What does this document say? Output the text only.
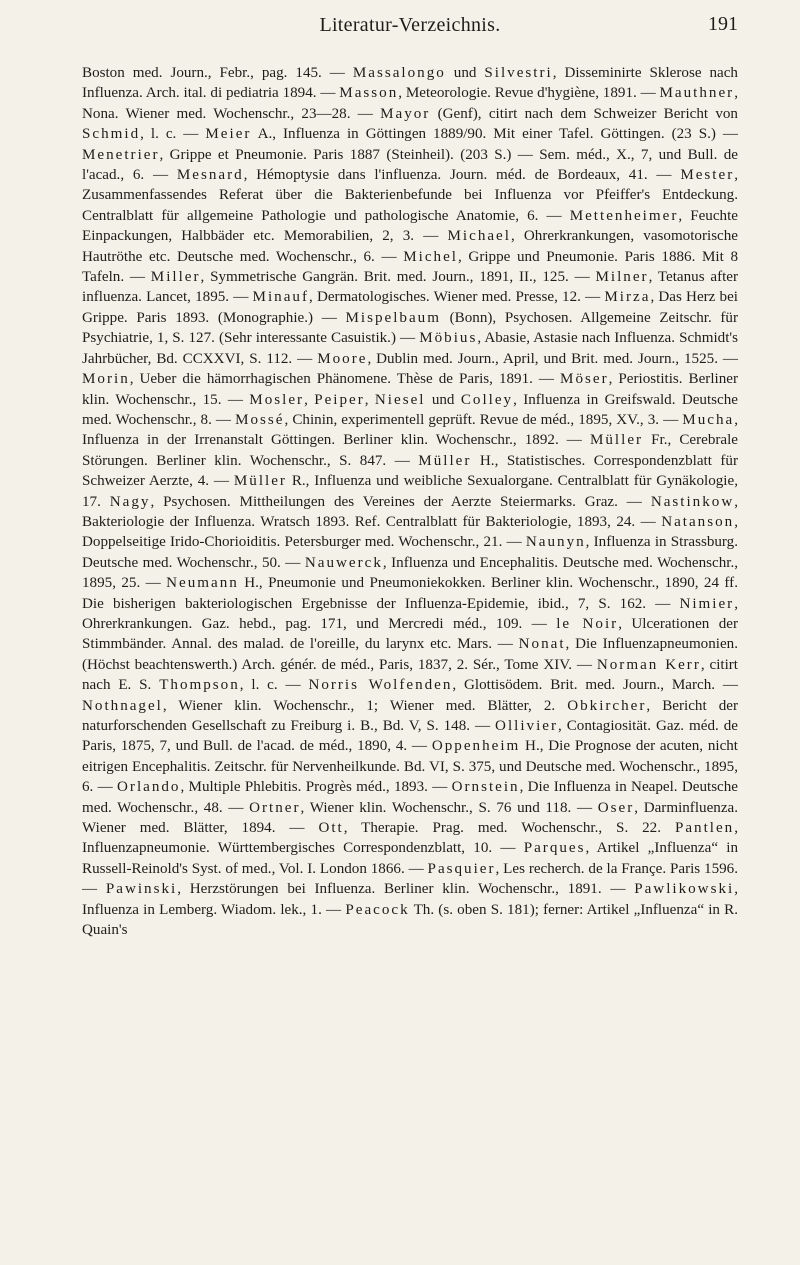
Literatur-Verzeichnis.	191

Boston med. Journ., Febr., pag. 145. — Massalongo und Silvestri, Disseminirte Sklerose nach Influenza. Arch. ital. di pediatria 1894. — Masson, Meteorologie. Revue d'hygiène, 1891. — Mauthner, Nona. Wiener med. Wochenschr., 23—28. — Mayor (Genf), citirt nach dem Schweizer Bericht von Schmid, l. c. — Meier A., Influenza in Göttingen 1889/90. Mit einer Tafel. Göttingen. (23 S.) — Menetrier, Grippe et Pneumonie. Paris 1887 (Steinheil). (203 S.) — Sem. méd., X., 7, und Bull. de l'acad., 6. — Mesnard, Hémoptysie dans l'influenza. Journ. méd. de Bordeaux, 41. — Mester, Zusammenfassendes Referat über die Bakterienbefunde bei Influenza vor Pfeiffer's Entdeckung. Centralblatt für allgemeine Pathologie und pathologische Anatomie, 6. — Mettenheimer, Feuchte Einpackungen, Halbbäder etc. Memorabilien, 2, 3. — Michael, Ohrerkrankungen, vasomotorische Hautröthe etc. Deutsche med. Wochenschr., 6. — Michel, Grippe und Pneumonie. Paris 1886. Mit 8 Tafeln. — Miller, Symmetrische Gangrän. Brit. med. Journ., 1891, II., 125. — Milner, Tetanus after influenza. Lancet, 1895. — Minauf, Dermatologisches. Wiener med. Presse, 12. — Mirza, Das Herz bei Grippe. Paris 1893. (Monographie.) — Mispelbaum (Bonn), Psychosen. Allgemeine Zeitschr. für Psychiatrie, 1, S. 127. (Sehr interessante Casuistik.) — Möbius, Abasie, Astasie nach Influenza. Schmidt's Jahrbücher, Bd. CCXXVI, S. 112. — Moore, Dublin med. Journ., April, und Brit. med. Journ., 1525. — Morin, Ueber die hämorrhagischen Phänomene. Thèse de Paris, 1891. — Möser, Periostitis. Berliner klin. Wochenschr., 15. — Mosler, Peiper, Niesel und Colley, Influenza in Greifswald. Deutsche med. Wochenschr., 8. — Mossé, Chinin, experimentell geprüft. Revue de méd., 1895, XV., 3. — Mucha, Influenza in der Irrenanstalt Göttingen. Berliner klin. Wochenschr., 1892. — Müller Fr., Cerebrale Störungen. Berliner klin. Wochenschr., S. 847. — Müller H., Statistisches. Correspondenzblatt für Schweizer Aerzte, 4. — Müller R., Influenza und weibliche Sexualorgane. Centralblatt für Gynäkologie, 17. Nagy, Psychosen. Mittheilungen des Vereines der Aerzte Steiermarks. Graz. — Nastinkow, Bakteriologie der Influenza. Wratsch 1893. Ref. Centralblatt für Bakteriologie, 1893, 24. — Natanson, Doppelseitige Irido-Chorioiditis. Petersburger med. Wochenschr., 21. — Naunyn, Influenza in Strassburg. Deutsche med. Wochenschr., 50. — Nauwerck, Influenza und Encephalitis. Deutsche med. Wochenschr., 1895, 25. — Neumann H., Pneumonie und Pneumoniekokken. Berliner klin. Wochenschr., 1890, 24 ff. Die bisherigen bakteriologischen Ergebnisse der Influenza-Epidemie, ibid., 7, S. 162. — Nimier, Ohrerkrankungen. Gaz. hebd., pag. 171, und Mercredi méd., 109. — le Noir, Ulcerationen der Stimmbänder. Annal. des malad. de l'oreille, du larynx etc. Mars. — Nonat, Die Influenzapneumonien. (Höchst beachtenswerth.) Arch. génér. de méd., Paris, 1837, 2. Sér., Tome XIV. — Norman Kerr, citirt nach E. S. Thompson, l. c. — Norris Wolfenden, Glottisödem. Brit. med. Journ., March. — Nothnagel, Wiener klin. Wochenschr., 1; Wiener med. Blätter, 2. Obkircher, Bericht der naturforschenden Gesellschaft zu Freiburg i. B., Bd. V, S. 148. — Ollivier, Contagiosität. Gaz. méd. de Paris, 1875, 7, und Bull. de l'acad. de méd., 1890, 4. — Oppenheim H., Die Prognose der acuten, nicht eitrigen Encephalitis. Zeitschr. für Nervenheilkunde. Bd. VI, S. 375, und Deutsche med. Wochenschr., 1895, 6. — Orlando, Multiple Phlebitis. Progrès méd., 1893. — Ornstein, Die Influenza in Neapel. Deutsche med. Wochenschr., 48. — Ortner, Wiener klin. Wochenschr., S. 76 und 118. — Oser, Darminfluenza. Wiener med. Blätter, 1894. — Ott, Therapie. Prag. med. Wochenschr., S. 22. Pantlen, Influenzapneumonie. Württembergisches Correspondenzblatt, 10. — Parques, Artikel „Influenza“ in Russell-Reinold's Syst. of med., Vol. I. London 1866. — Pasquier, Les recherch. de la Françe. Paris 1596. — Pawinski, Herzstörungen bei Influenza. Berliner klin. Wochenschr., 1891. — Pawlikowski, Influenza in Lemberg. Wiadom. lek., 1. — Peacock Th. (s. oben S. 181); ferner: Artikel „Influenza“ in R. Quain's
